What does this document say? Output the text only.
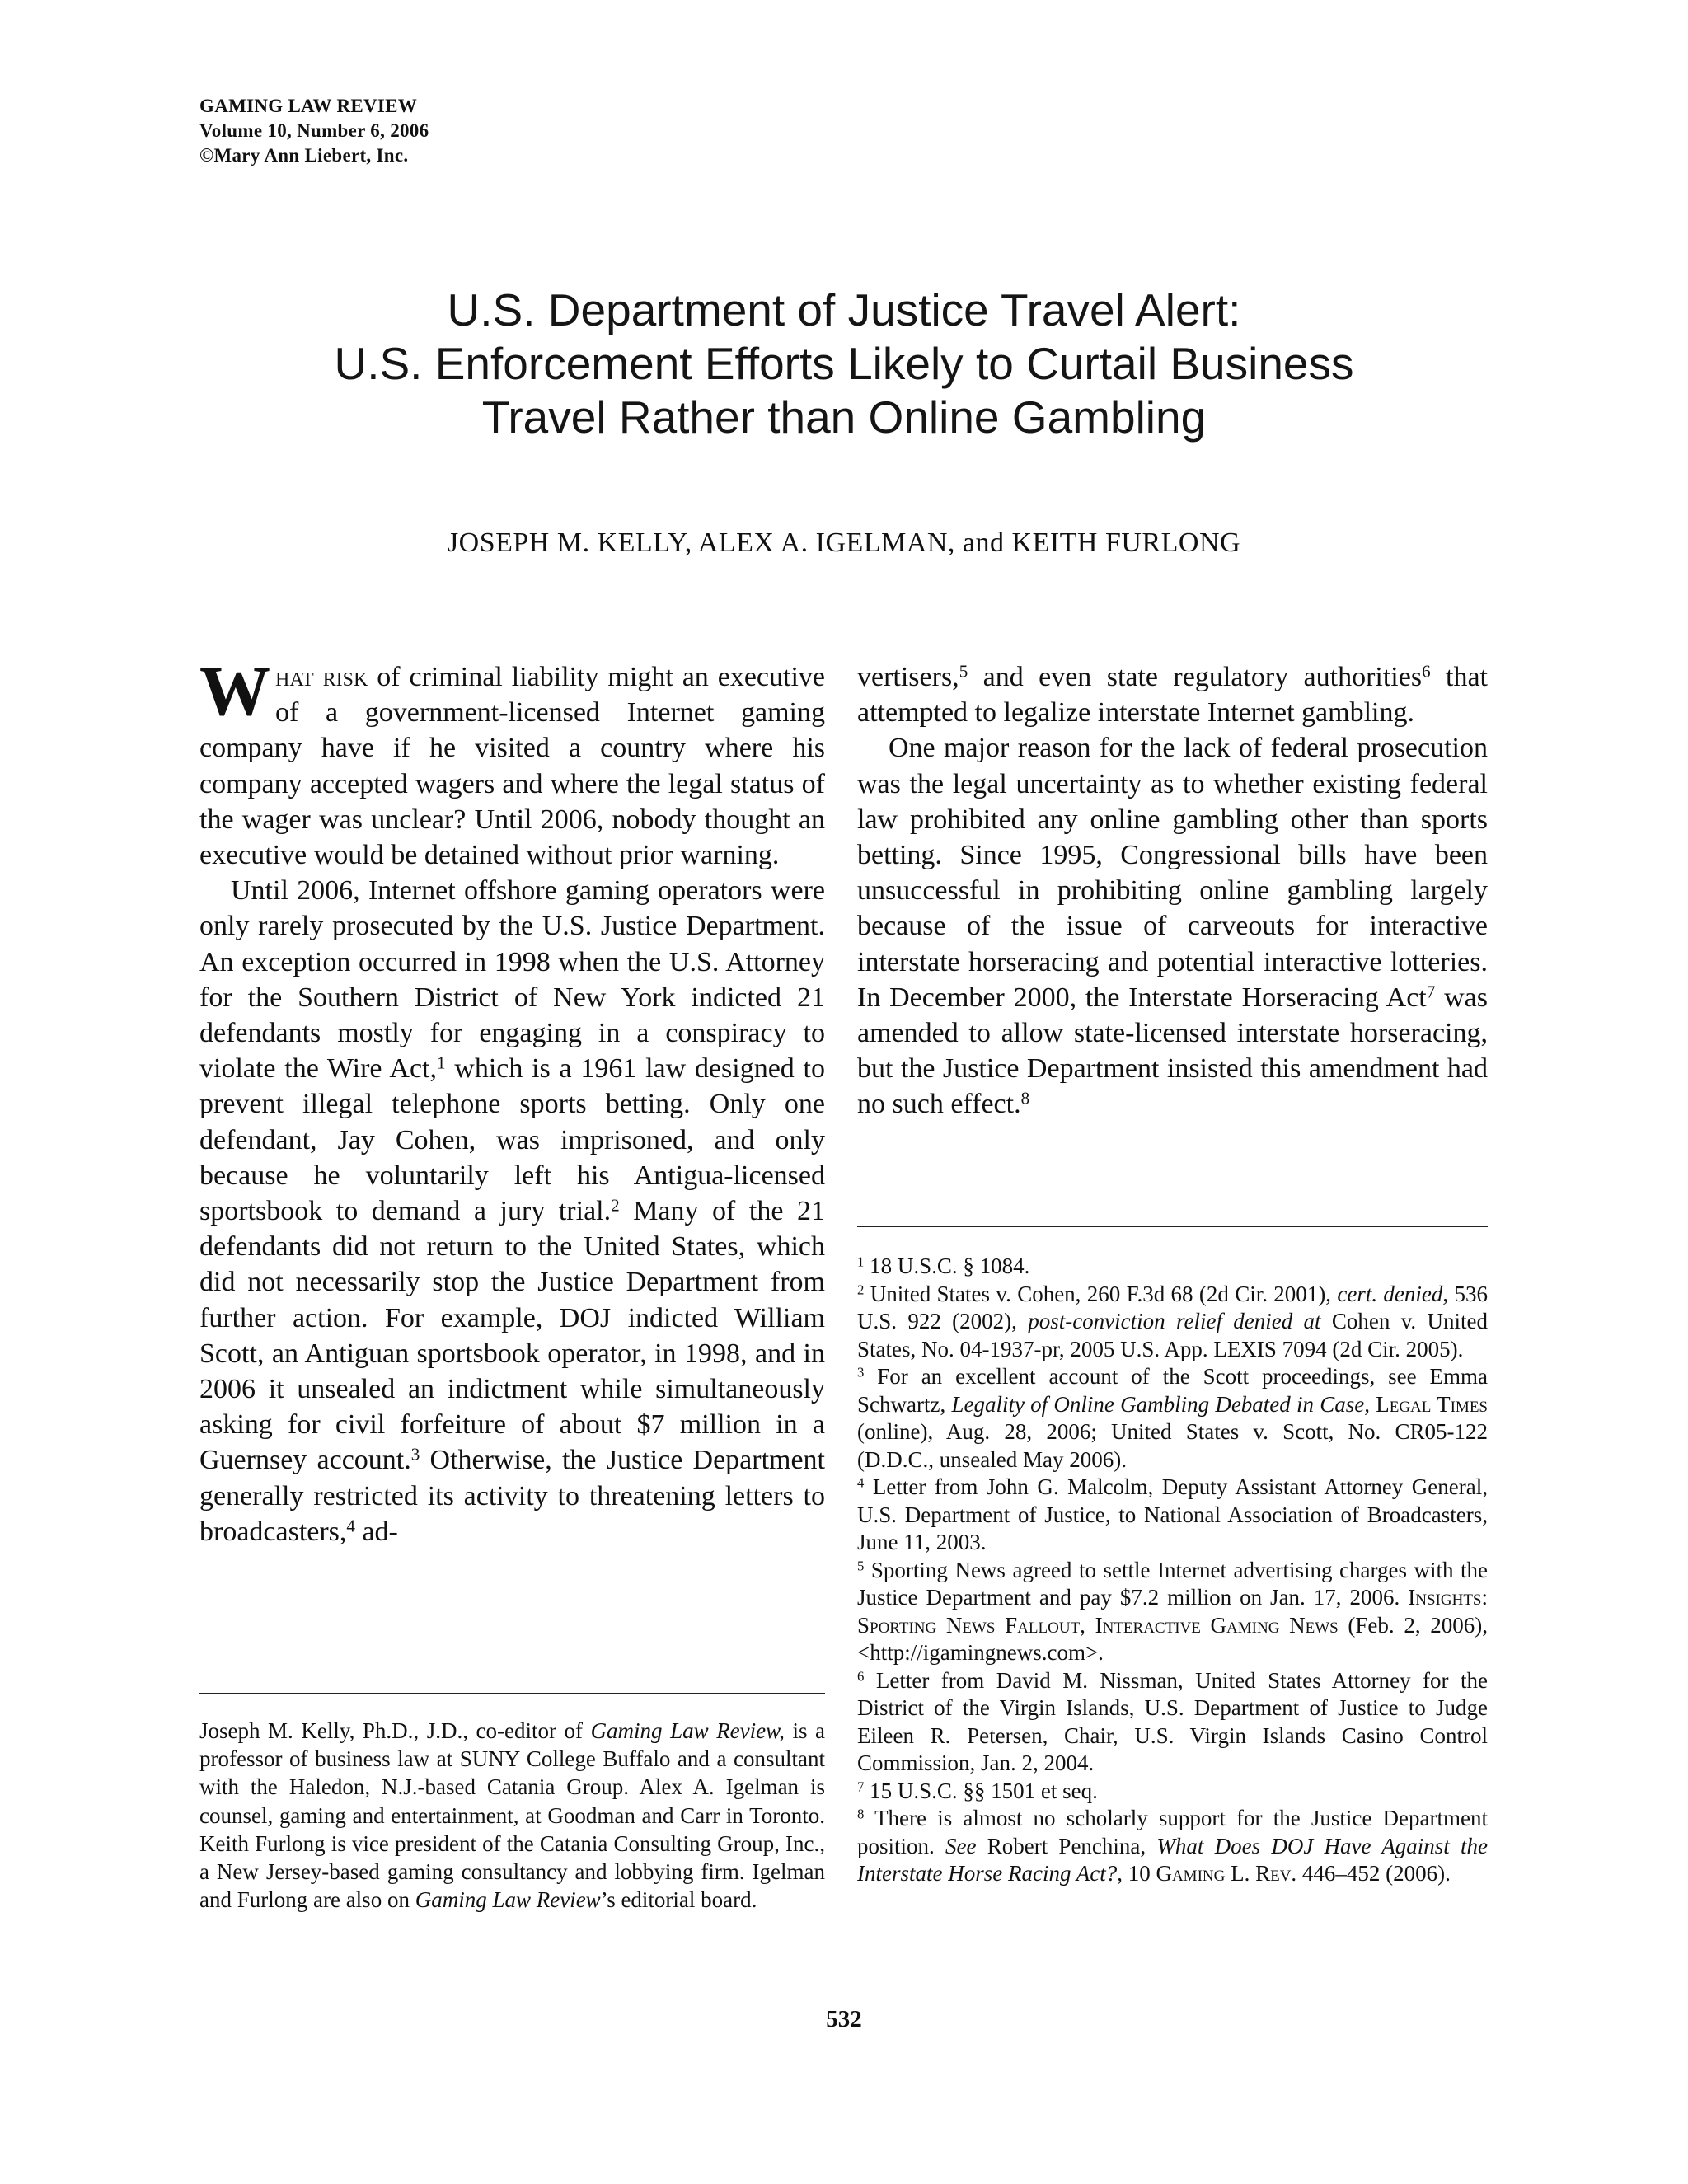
GAMING LAW REVIEW
Volume 10, Number 6, 2006
©Mary Ann Liebert, Inc.
U.S. Department of Justice Travel Alert:
U.S. Enforcement Efforts Likely to Curtail Business
Travel Rather than Online Gambling
JOSEPH M. KELLY, ALEX A. IGELMAN, and KEITH FURLONG

What risk of criminal liability might an executive of a government-licensed Internet gaming company have if he visited a country where his company accepted wagers and where the legal status of the wager was unclear? Until 2006, nobody thought an executive would be detained without prior warning.

Until 2006, Internet offshore gaming operators were only rarely prosecuted by the U.S. Justice Department. An exception occurred in 1998 when the U.S. Attorney for the Southern District of New York indicted 21 defendants mostly for engaging in a conspiracy to violate the Wire Act,$^1$ which is a 1961 law designed to prevent illegal telephone sports betting. Only one defendant, Jay Cohen, was imprisoned, and only because he voluntarily left his Antigua-licensed sportsbook to demand a jury trial.$^2$ Many of the 21 defendants did not return to the United States, which did not necessarily stop the Justice Department from further action. For example, DOJ indicted William Scott, an Antiguan sportsbook operator, in 1998, and in 2006 it unsealed an indictment while simultaneously asking for civil forfeiture of about $7 million in a Guernsey account.$^3$ Otherwise, the Justice Department generally restricted its activity to threatening letters to broadcasters,$^4$ ad-

vertisers,$^5$ and even state regulatory authorities$^6$ that attempted to legalize interstate Internet gambling.

One major reason for the lack of federal prosecution was the legal uncertainty as to whether existing federal law prohibited any online gambling other than sports betting. Since 1995, Congressional bills have been unsuccessful in prohibiting online gambling largely because of the issue of carveouts for interactive interstate horseracing and potential interactive lotteries. In December 2000, the Interstate Horseracing Act$^7$ was amended to allow state-licensed interstate horseracing, but the Justice Department insisted this amendment had no such effect.$^8$

Joseph M. Kelly, Ph.D., J.D., co-editor of Gaming Law Review, is a professor of business law at SUNY College Buffalo and a consultant with the Haledon, N.J.-based Catania Group. Alex A. Igelman is counsel, gaming and entertainment, at Goodman and Carr in Toronto. Keith Furlong is vice president of the Catania Consulting Group, Inc., a New Jersey-based gaming consultancy and lobbying firm. Igelman and Furlong are also on Gaming Law Review’s editorial board.

$^1$ 18 U.S.C. § 1084.

$^2$ United States v. Cohen, 260 F.3d 68 (2d Cir. 2001), cert. denied, 536 U.S. 922 (2002), post-conviction relief denied at Cohen v. United States, No. 04-1937-pr, 2005 U.S. App. LEXIS 7094 (2d Cir. 2005).

$^3$ For an excellent account of the Scott proceedings, see Emma Schwartz, Legality of Online Gambling Debated in Case, Legal Times (online), Aug. 28, 2006; United States v. Scott, No. CR05-122 (D.D.C., unsealed May 2006).

$^4$ Letter from John G. Malcolm, Deputy Assistant Attorney General, U.S. Department of Justice, to National Association of Broadcasters, June 11, 2003.

$^5$ Sporting News agreed to settle Internet advertising charges with the Justice Department and pay $7.2 million on Jan. 17, 2006. Insights: Sporting News Fallout, Interactive Gaming News (Feb. 2, 2006), <http://igamingnews.com>.

$^6$ Letter from David M. Nissman, United States Attorney for the District of the Virgin Islands, U.S. Department of Justice to Judge Eileen R. Petersen, Chair, U.S. Virgin Islands Casino Control Commission, Jan. 2, 2004.

$^7$ 15 U.S.C. §§ 1501 et seq.

$^8$ There is almost no scholarly support for the Justice Department position. See Robert Penchina, What Does DOJ Have Against the Interstate Horse Racing Act?, 10 Gaming L. Rev. 446–452 (2006).

532
